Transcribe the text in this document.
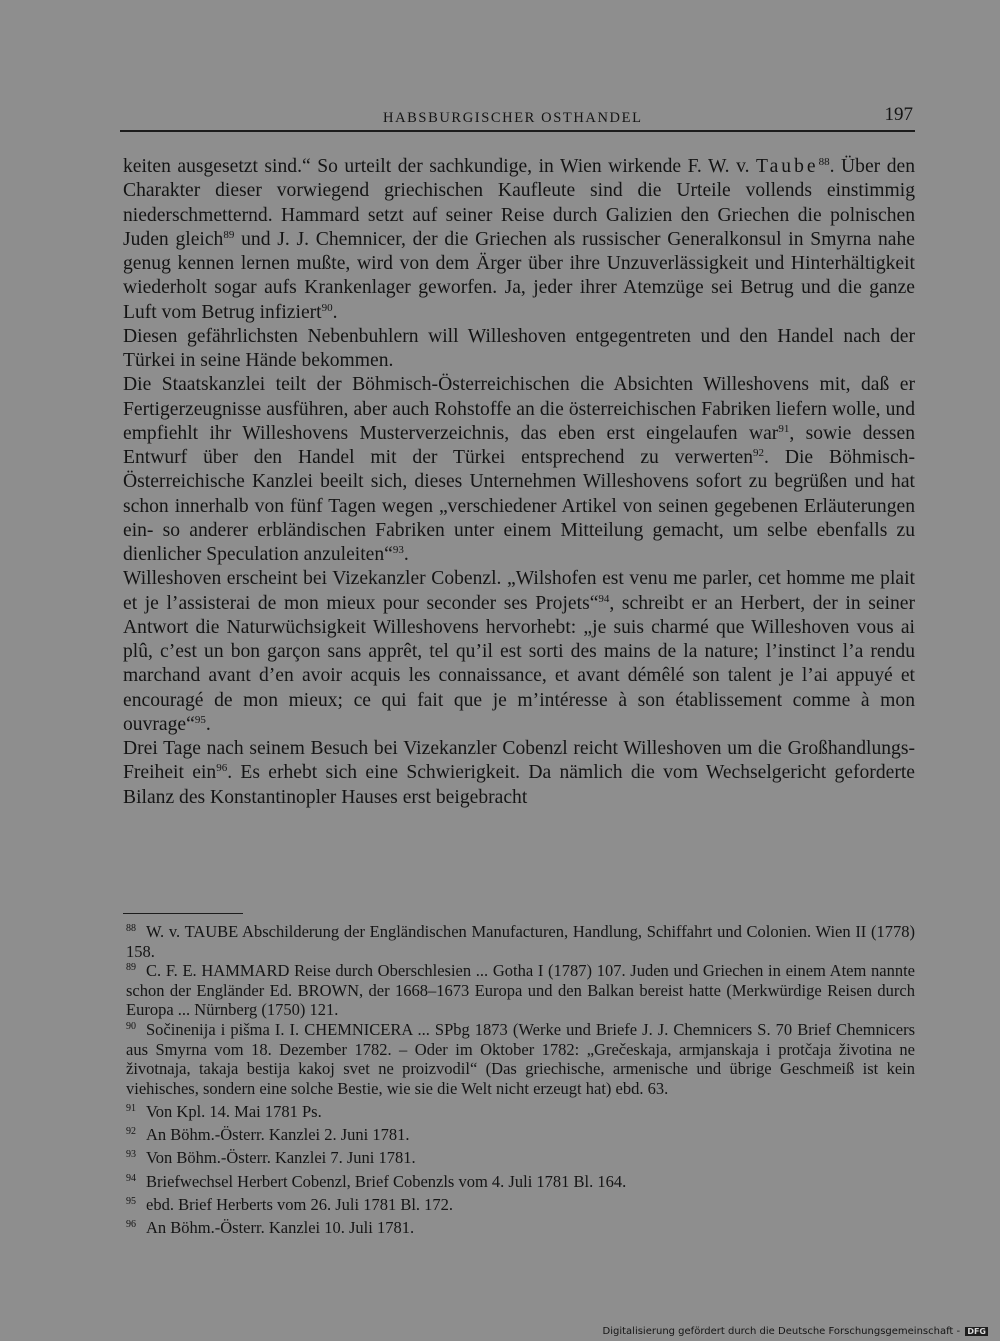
HABSBURGISCHER OSTHANDEL	197

keiten ausgesetzt sind.“ So urteilt der sachkundige, in Wien wirkende F. W. v. Taube$^{88}$. Über den Charakter dieser vorwiegend griechischen Kaufleute sind die Urteile vollends einstimmig niederschmetternd. Hammard setzt auf seiner Reise durch Galizien den Griechen die polnischen Juden gleich$^{89}$ und J. J. Chemnicer, der die Griechen als russischer Generalkonsul in Smyrna nahe genug kennen lernen mußte, wird von dem Ärger über ihre Unzuverlässigkeit und Hinterhältigkeit wiederholt sogar aufs Krankenlager geworfen. Ja, jeder ihrer Atemzüge sei Betrug und die ganze Luft vom Betrug infiziert$^{90}$.

Diesen gefährlichsten Nebenbuhlern will Willeshoven entgegentreten und den Handel nach der Türkei in seine Hände bekommen.

Die Staatskanzlei teilt der Böhmisch-Österreichischen die Absichten Willeshovens mit, daß er Fertigerzeugnisse ausführen, aber auch Rohstoffe an die österreichischen Fabriken liefern wolle, und empfiehlt ihr Willeshovens Musterverzeichnis, das eben erst eingelaufen war$^{91}$, sowie dessen Entwurf über den Handel mit der Türkei entsprechend zu verwerten$^{92}$. Die Böhmisch-Österreichische Kanzlei beeilt sich, dieses Unternehmen Willeshovens sofort zu begrüßen und hat schon innerhalb von fünf Tagen wegen „verschiedener Artikel von seinen gegebenen Erläuterungen ein- so anderer erbländischen Fabriken unter einem Mitteilung gemacht, um selbe ebenfalls zu dienlicher Speculation anzuleiten“$^{93}$.

Willeshoven erscheint bei Vizekanzler Cobenzl. „Wilshofen est venu me parler, cet homme me plait et je l’assisterai de mon mieux pour seconder ses Projets“$^{94}$, schreibt er an Herbert, der in seiner Antwort die Naturwüchsigkeit Willeshovens hervorhebt: „je suis charmé que Willeshoven vous ai plû, c’est un bon garçon sans apprêt, tel qu’il est sorti des mains de la nature; l’instinct l’a rendu marchand avant d’en avoir acquis les connaissance, et avant démêlé son talent je l’ai appuyé et encouragé de mon mieux; ce qui fait que je m’intéresse à son établissement comme à mon ouvrage“$^{95}$.

Drei Tage nach seinem Besuch bei Vizekanzler Cobenzl reicht Willeshoven um die Großhandlungs-Freiheit ein$^{96}$. Es erhebt sich eine Schwierigkeit. Da nämlich die vom Wechselgericht geforderte Bilanz des Konstantinopler Hauses erst beigebracht

$^{88}$ W. v. TAUBE Abschilderung der Engländischen Manufacturen, Handlung, Schiffahrt und Colonien. Wien II (1778) 158.

$^{89}$ C. F. E. HAMMARD Reise durch Oberschlesien ... Gotha I (1787) 107. Juden und Griechen in einem Atem nannte schon der Engländer Ed. BROWN, der 1668–1673 Europa und den Balkan bereist hatte (Merkwürdige Reisen durch Europa ... Nürnberg (1750) 121.

$^{90}$ Sočinenija i pišma I. I. CHEMNICERA ... SPbg 1873 (Werke und Briefe J. J. Chemnicers S. 70 Brief Chemnicers aus Smyrna vom 18. Dezember 1782. – Oder im Oktober 1782: „Grečeskaja, armjanskaja i protčaja životina ne životnaja, takaja bestija kakoj svet ne proizvodil“ (Das griechische, armenische und übrige Geschmeiß ist kein viehisches, sondern eine solche Bestie, wie sie die Welt nicht erzeugt hat) ebd. 63.

$^{91}$ Von Kpl. 14. Mai 1781 Ps.

$^{92}$ An Böhm.-Österr. Kanzlei 2. Juni 1781.

$^{93}$ Von Böhm.-Österr. Kanzlei 7. Juni 1781.

$^{94}$ Briefwechsel Herbert Cobenzl, Brief Cobenzls vom 4. Juli 1781 Bl. 164.

$^{95}$ ebd. Brief Herberts vom 26. Juli 1781 Bl. 172.

$^{96}$ An Böhm.-Österr. Kanzlei 10. Juli 1781.

Digitalisierung gefördert durch die Deutsche Forschungsgemeinschaft - DFG
